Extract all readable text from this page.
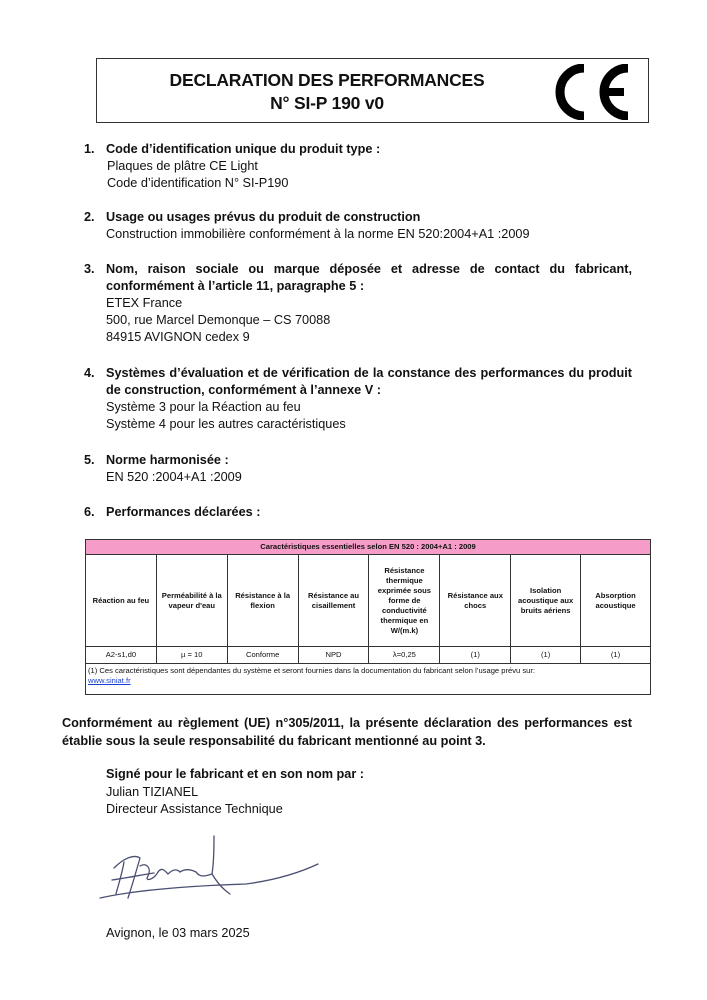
DECLARATION DES PERFORMANCES
N° SI-P 190 v0
1. Code d’identification unique du produit type :
Plaques de plâtre CE Light
Code d’identification N° SI-P190
2. Usage ou usages prévus du produit de construction
Construction immobilière conformément à la norme EN 520:2004+A1 :2009
3. Nom, raison sociale ou marque déposée et adresse de contact du fabricant, conformément à l’article 11, paragraphe 5 :
ETEX France
500, rue Marcel Demonque – CS 70088
84915 AVIGNON cedex 9
4. Systèmes d’évaluation et de vérification de la constance des performances du produit de construction, conformément à l’annexe V :
Système 3 pour la Réaction au feu
Système 4 pour les autres caractéristiques
5. Norme harmonisée :
EN 520 :2004+A1 :2009
6. Performances déclarées :
Caractéristiques essentielles selon EN 520 : 2004+A1 : 2009							
Réaction au feu	Perméabilité à la vapeur d'eau	Résistance à la flexion	Résistance au cisaillement	Résistance thermique exprimée sous forme de conductivité thermique en W/(m.k)	Résistance aux chocs	Isolation acoustique aux bruits aériens	Absorption acoustique
A2-s1,d0	µ = 10	Conforme	NPD	λ=0,25	(1)	(1)	(1)

(1) Ces caractéristiques sont dépendantes du système et seront fournies dans la documentation du fabricant selon l’usage prévu sur:
www.siniat.fr							
Conformément au règlement (UE) n°305/2011, la présente déclaration des performances est établie sous la seule responsabilité du fabricant mentionné au point 3.
Signé pour le fabricant et en son nom par :
Julian TIZIANEL
Directeur Assistance Technique
Avignon, le 03 mars 2025
